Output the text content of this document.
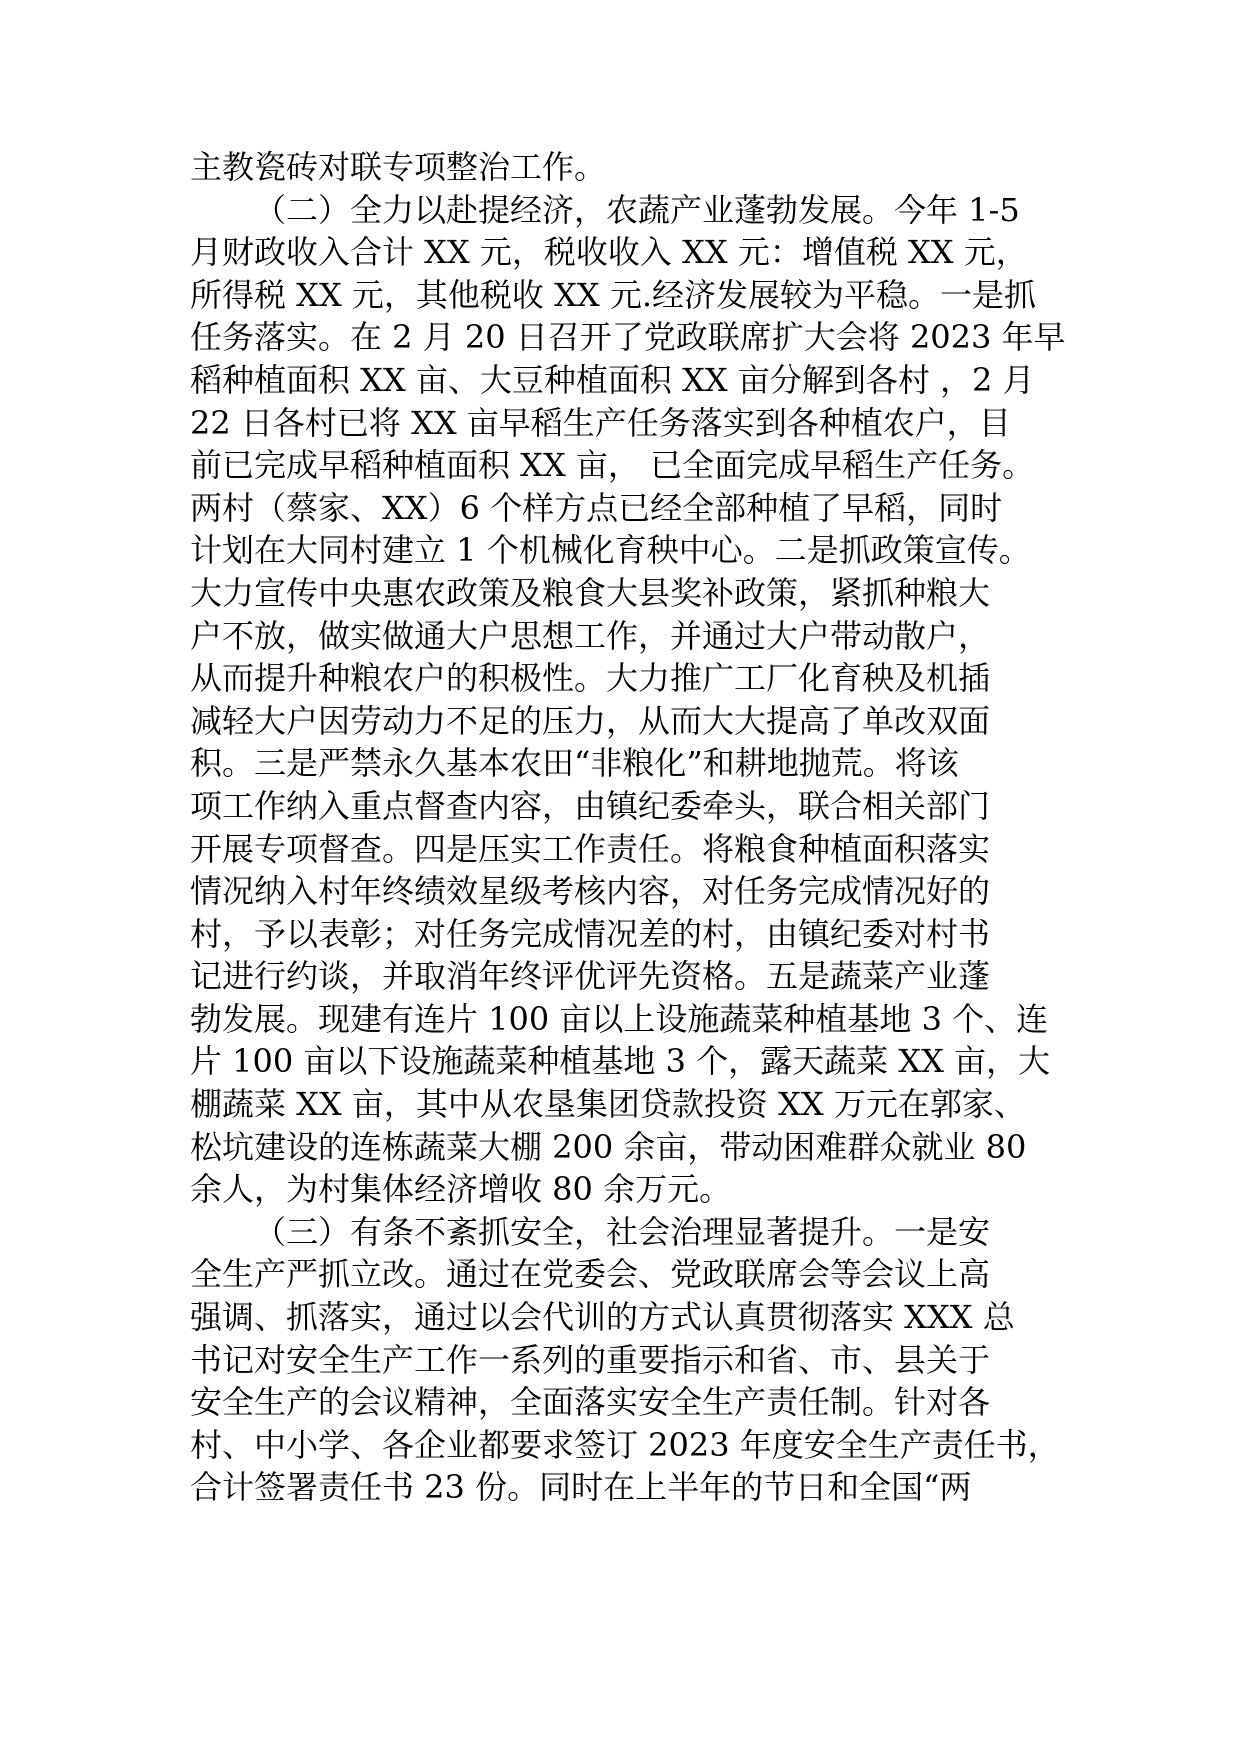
主教瓷砖对联专项整治工作。
（二）全力以赴提经济，农蔬产业蓬勃发展。今年 1-5
月财政收入合计 XX 元，税收收入 XX 元：增值税 XX 元，
所得税 XX 元，其他税收 XX 元.经济发展较为平稳。一是抓
任务落实。在 2 月 20 日召开了党政联席扩大会将 2023 年早
稻种植面积 XX 亩、大豆种植面积 XX 亩分解到各村 ，2 月
22 日各村已将 XX 亩早稻生产任务落实到各种植农户，目
前已完成早稻种植面积 XX 亩， 已全面完成早稻生产任务。
两村（蔡家、XX）6 个样方点已经全部种植了早稻，同时
计划在大同村建立 1 个机械化育秧中心。二是抓政策宣传。
大力宣传中央惠农政策及粮食大县奖补政策，紧抓种粮大
户不放，做实做通大户思想工作，并通过大户带动散户，
从而提升种粮农户的积极性。大力推广工厂化育秧及机插
减轻大户因劳动力不足的压力，从而大大提高了单改双面
积。三是严禁永久基本农田“非粮化”和耕地抛荒。将该
项工作纳入重点督查内容，由镇纪委牵头，联合相关部门
开展专项督查。四是压实工作责任。将粮食种植面积落实
情况纳入村年终绩效星级考核内容，对任务完成情况好的
村，予以表彰；对任务完成情况差的村，由镇纪委对村书
记进行约谈，并取消年终评优评先资格。五是蔬菜产业蓬
勃发展。现建有连片 100 亩以上设施蔬菜种植基地 3 个、连
片 100 亩以下设施蔬菜种植基地 3 个，露天蔬菜 XX 亩，大
棚蔬菜 XX 亩，其中从农垦集团贷款投资 XX 万元在郭家、
松坑建设的连栋蔬菜大棚 200 余亩，带动困难群众就业 80
余人，为村集体经济增收 80 余万元。
（三）有条不紊抓安全，社会治理显著提升。一是安
全生产严抓立改。通过在党委会、党政联席会等会议上高
强调、抓落实，通过以会代训的方式认真贯彻落实 XXX 总
书记对安全生产工作一系列的重要指示和省、市、县关于
安全生产的会议精神，全面落实安全生产责任制。针对各
村、中小学、各企业都要求签订 2023 年度安全生产责任书，
合计签署责任书 23 份。同时在上半年的节日和全国“两
